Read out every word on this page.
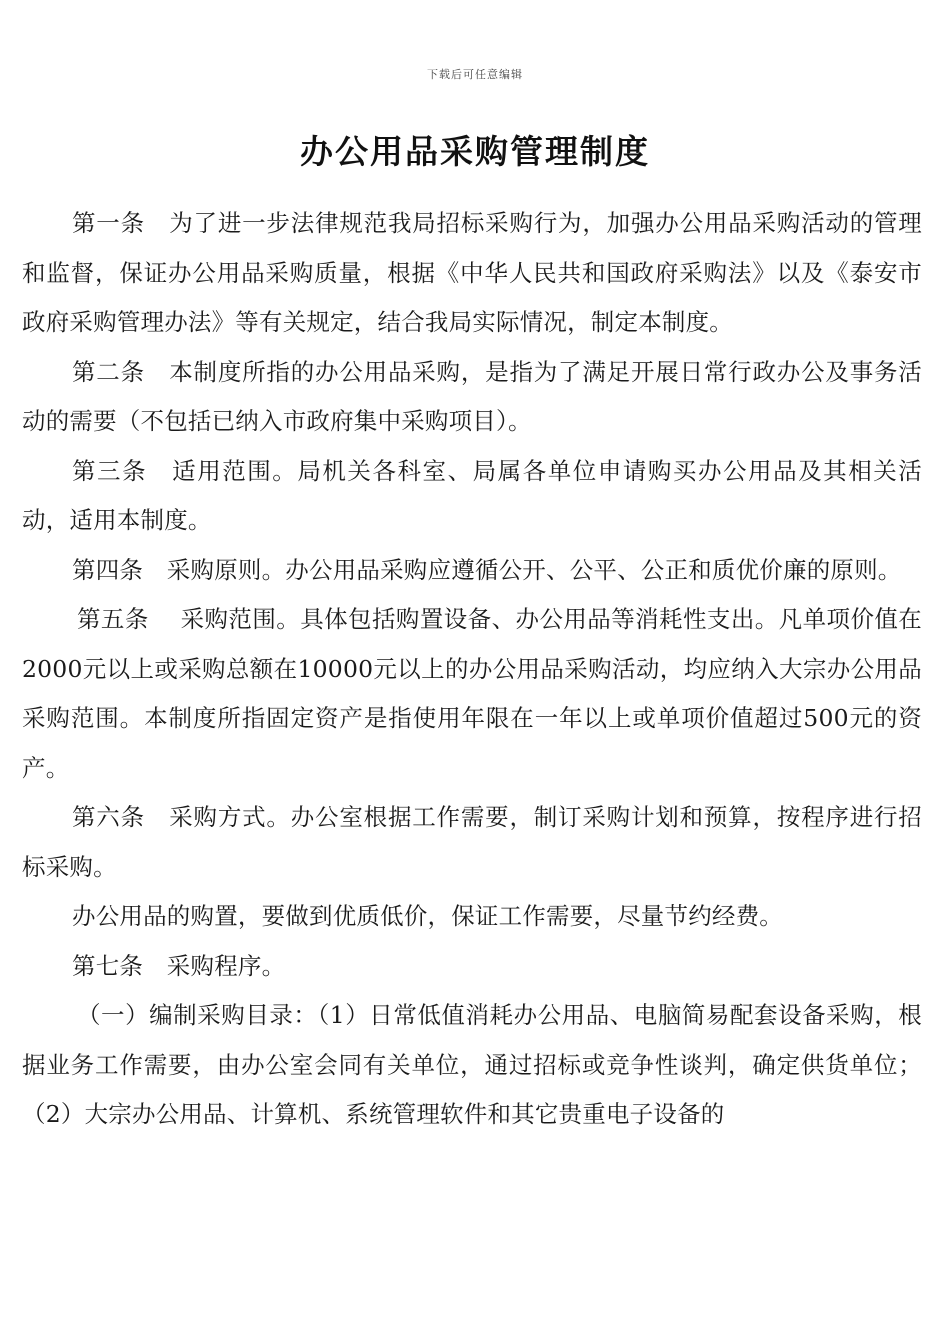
下载后可任意编辑
办公用品采购管理制度

第一条　为了进一步法律规范我局招标采购行为，加强办公用品采购活动的管理和监督，保证办公用品采购质量，根据《中华人民共和国政府采购法》以及《泰安市政府采购管理办法》等有关规定，结合我局实际情况，制定本制度。

第二条　本制度所指的办公用品采购，是指为了满足开展日常行政办公及事务活动的需要（不包括已纳入市政府集中采购项目）。

第三条　适用范围。局机关各科室、局属各单位申请购买办公用品及其相关活动，适用本制度。

第四条　采购原则。办公用品采购应遵循公开、公平、公正和质优价廉的原则。

第五条　 采购范围。具体包括购置设备、办公用品等消耗性支出。凡单项价值在2000元以上或采购总额在10000元以上的办公用品采购活动，均应纳入大宗办公用品采购范围。本制度所指固定资产是指使用年限在一年以上或单项价值超过500元的资产。

第六条　采购方式。办公室根据工作需要，制订采购计划和预算，按程序进行招标采购。

办公用品的购置，要做到优质低价，保证工作需要，尽量节约经费。

第七条　采购程序。

（一）编制采购目录：（1）日常低值消耗办公用品、电脑简易配套设备采购，根据业务工作需要，由办公室会同有关单位，通过招标或竞争性谈判，确定供货单位；（2）大宗办公用品、计算机、系统管理软件和其它贵重电子设备的
